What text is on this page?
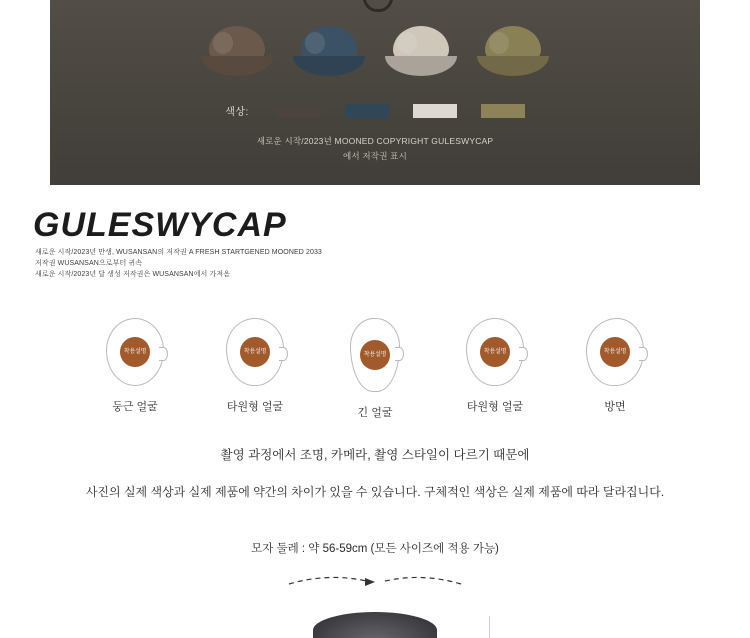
색상:
새로운 시작/2023년 MOONED COPYRIGHT GULESWYCAP
에서 저작권 표시
GULESWYCAP
새로운 시작/2023년 만생, WUSANSAN의 저작권 A FRESH STARTGENED MOONED 2033
저작권 WUSANSAN으로부터 귀속
새로운 시작/2023년 달 생성 저작권은 WUSANSAN에서 가져옴
착용설명
둥근 얼굴
착용설명
타원형 얼굴
착용설명
긴 얼굴
착용설명
타원형 얼굴
착용설명
방면
촬영 과정에서 조명, 카메라, 촬영 스타일이 다르기 때문에
사진의 실제 색상과 실제 제품에 약간의 차이가 있을 수 있습니다. 구체적인 색상은 실제 제품에 따라 달라집니다.
모자 둘레 : 약 56-59cm (모든 사이즈에 적용 가능)
